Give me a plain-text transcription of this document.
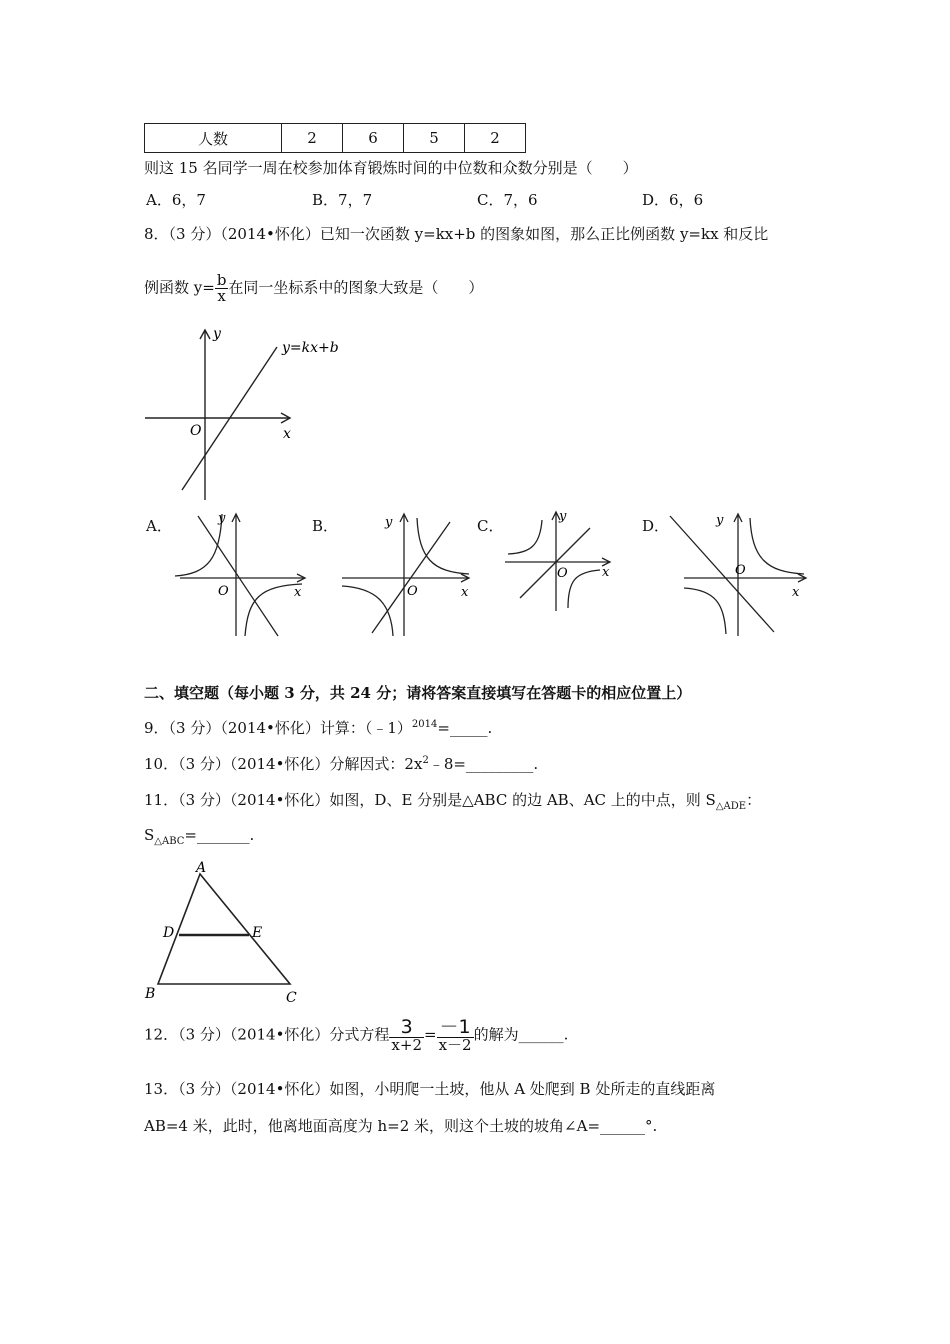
人数	2	6	5	2
则这 15 名同学一周在校参加体育锻炼时间的中位数和众数分别是（　　）
A．6，7	B．7，7	C．7，6	D．6，6
8．（3 分）（2014•怀化）已知一次函数 y=kx+b 的图象如图，那么正比例函数 y=kx 和反比
例函数 $y= \frac{b}{x}$ 在同一坐标系中的图象大致是（　　）
y=kx+b
y
x
O
A．	B．	C．	D．
y
x
O
y
x
O
y
x
O
y
x
O
二、填空题（每小题 3 分，共 24 分；请将答案直接填写在答题卡的相应位置上）
9．（3 分）（2014•怀化）计算：（﹣1）$^{2014}$=_____.
10．（3 分）（2014•怀化）分解因式：$2x^2﹣8=\_\_\_\_\_\_\_\_\_$.
11．（3 分）（2014•怀化）如图，D、E 分别是△ABC 的边 AB、AC 上的中点，则 $S_{\triangle ADE}$：
$S_{\triangle ABC}=\_\_\_\_\_\_\_$.
A
D	E
B	C
12．（3 分）（2014•怀化）分式方程 $\frac{3}{x+2} = \frac{-1}{x-2}$ 的解为______.
13．（3 分）（2014•怀化）如图，小明爬一土坡，他从 A 处爬到 B 处所走的直线距离
AB=4 米，此时，他离地面高度为 h=2 米，则这个土坡的坡角∠A=______°.
